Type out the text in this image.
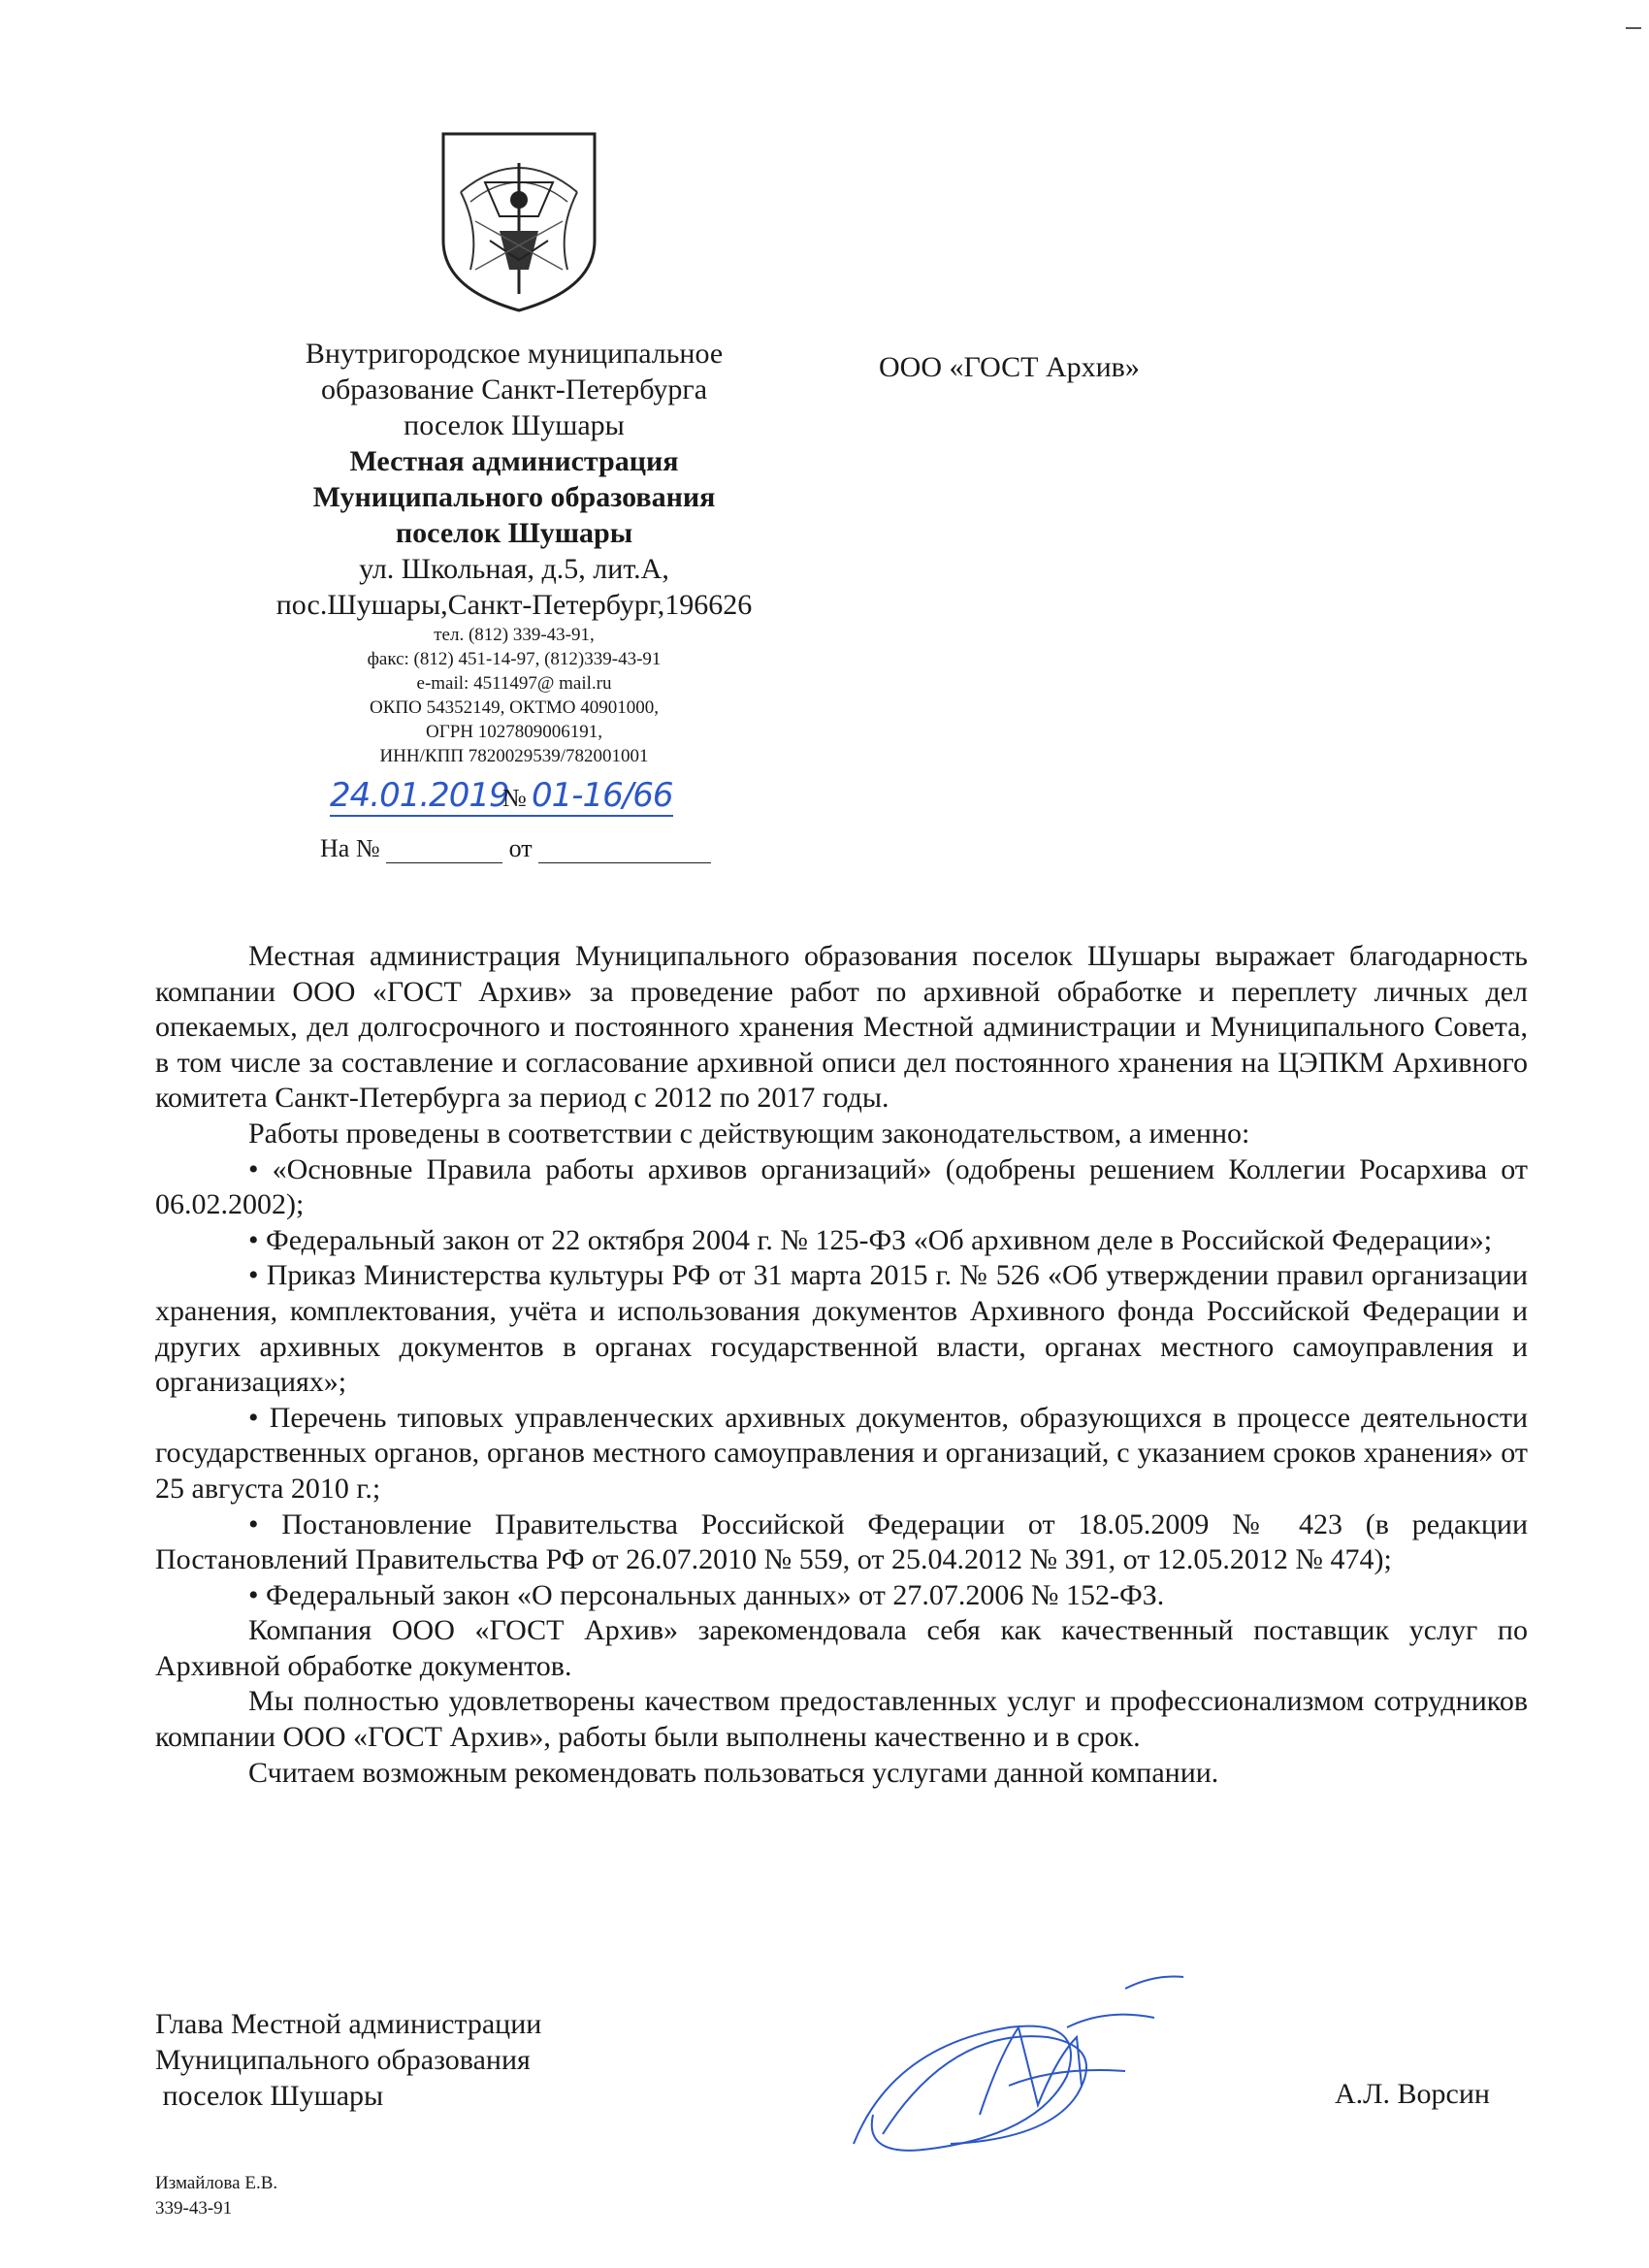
Внутригородское муниципальное
образование Санкт-Петербурга
поселок Шушары
Местная администрация
Муниципального образования
поселок Шушары
ул. Школьная, д.5, лит.А,
пос.Шушары,Санкт-Петербург,196626
тел. (812) 339-43-91,
факс: (812) 451-14-97, (812)339-43-91
e-mail: 4511497@ mail.ru
ОКПО 54352149, ОКТМО 40901000,
ОГРН 1027809006191,
ИНН/КПП 7820029539/782001001
ООО «ГОСТ Архив»
24.01.2019
№ 01-16/66
На №	от

Местная администрация Муниципального образования поселок Шушары выражает благодарность компании ООО «ГОСТ Архив» за проведение работ по архивной обработке и переплету личных дел опекаемых, дел долгосрочного и постоянного хранения Местной администрации и Муниципального Совета, в том числе за составление и согласование архивной описи дел постоянного хранения на ЦЭПКМ Архивного комитета Санкт-Петербурга за период с 2012 по 2017 годы.

Работы проведены в соответствии с действующим законодательством, а именно:

• «Основные Правила работы архивов организаций» (одобрены решением Коллегии Росархива от 06.02.2002);

• Федеральный закон от 22 октября 2004 г. № 125-ФЗ «Об архивном деле в Российской Федерации»;

• Приказ Министерства культуры РФ от 31 марта 2015 г. № 526 «Об утверждении правил организации хранения, комплектования, учёта и использования документов Архивного фонда Российской Федерации и других архивных документов в органах государственной власти, органах местного самоуправления и организациях»;

• Перечень типовых управленческих архивных документов, образующихся в процессе деятельности государственных органов, органов местного самоуправления и организаций, с указанием сроков хранения» от 25 августа 2010 г.;

• Постановление Правительства Российской Федерации от 18.05.2009 № 423 (в редакции Постановлений Правительства РФ от 26.07.2010 № 559, от 25.04.2012 № 391, от 12.05.2012 № 474);

• Федеральный закон «О персональных данных» от 27.07.2006 № 152-ФЗ.

Компания ООО «ГОСТ Архив» зарекомендовала себя как качественный поставщик услуг по Архивной обработке документов.

Мы полностью удовлетворены качеством предоставленных услуг и профессионализмом сотрудников компании ООО «ГОСТ Архив», работы были выполнены качественно и в срок.

Считаем возможным рекомендовать пользоваться услугами данной компании.

Глава Местной администрации
Муниципального образования
поселок Шушары	А.Л. Ворсин
Измайлова Е.В.
339-43-91
